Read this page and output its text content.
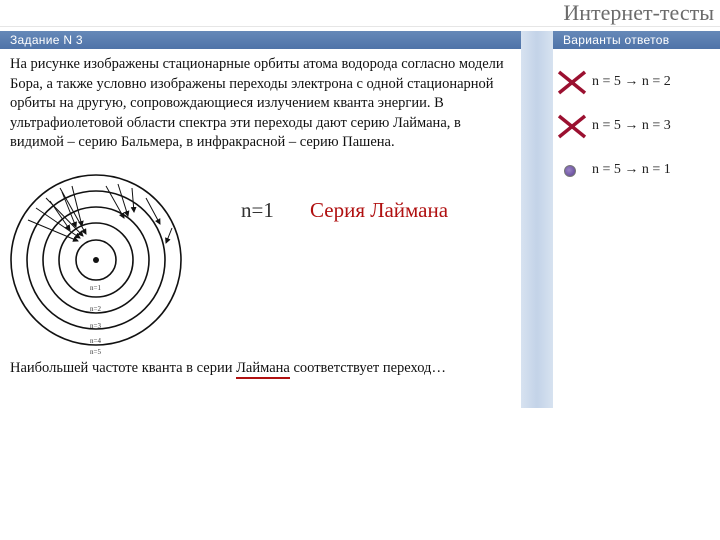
Интернет-тесты
Задание N 3	Варианты ответов
На рисунке изображены стационарные орбиты атома водорода согласно модели Бора, а также условно изображены переходы электрона с одной стационарной орбиты на другую, сопровождающиеся излучением кванта энергии. В ультрафиолетовой области спектра эти переходы дают серию Лаймана, в видимой – серию Бальмера, в инфракрасной – серию Пашена.
n=1
n=2
n=3
n=4
n=5
n=1 Серия Лаймана
Наибольшей частоте кванта в серии Лаймана соответствует переход…
n = 5 → n = 2
n = 5 → n = 3
n = 5 → n = 1
